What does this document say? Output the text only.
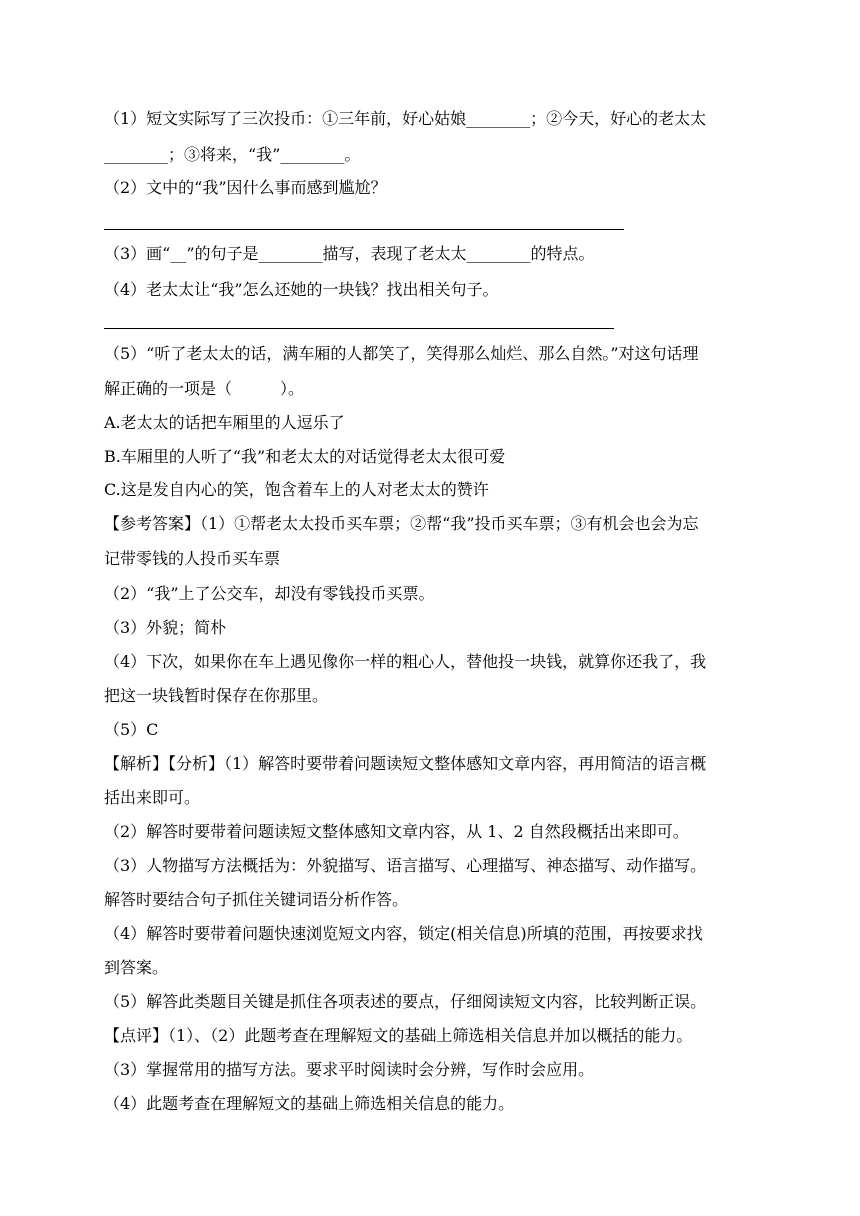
（1）短文实际写了三次投币：①三年前，好心姑娘________；②今天，好心的老太太
________；③将来，“我”________。
（2）文中的“我”因什么事而感到尴尬？
（3）画“__”的句子是________描写，表现了老太太________的特点。
（4）老太太让“我”怎么还她的一块钱？找出相关句子。
（5）“听了老太太的话，满车厢的人都笑了，笑得那么灿烂、那么自然。”对这句话理
解正确的一项是（　　　）。
A.老太太的话把车厢里的人逗乐了
B.车厢里的人听了“我”和老太太的对话觉得老太太很可爱
C.这是发自内心的笑，饱含着车上的人对老太太的赞许
【参考答案】（1）①帮老太太投币买车票；②帮“我”投币买车票；③有机会也会为忘
记带零钱的人投币买车票
（2）“我”上了公交车，却没有零钱投币买票。
（3）外貌；简朴
（4）下次，如果你在车上遇见像你一样的粗心人，替他投一块钱，就算你还我了，我
把这一块钱暂时保存在你那里。
（5）C
【解析】【分析】（1）解答时要带着问题读短文整体感知文章内容，再用简洁的语言概
括出来即可。
（2）解答时要带着问题读短文整体感知文章内容，从 1、2 自然段概括出来即可。
（3）人物描写方法概括为：外貌描写、语言描写、心理描写、神态描写、动作描写。
解答时要结合句子抓住关键词语分析作答。
（4）解答时要带着问题快速浏览短文内容，锁定(相关信息)所填的范围，再按要求找
到答案。
（5）解答此类题目关键是抓住各项表述的要点，仔细阅读短文内容，比较判断正误。
【点评】（1）、（2）此题考查在理解短文的基础上筛选相关信息并加以概括的能力。
（3）掌握常用的描写方法。要求平时阅读时会分辨，写作时会应用。
（4）此题考查在理解短文的基础上筛选相关信息的能力。
